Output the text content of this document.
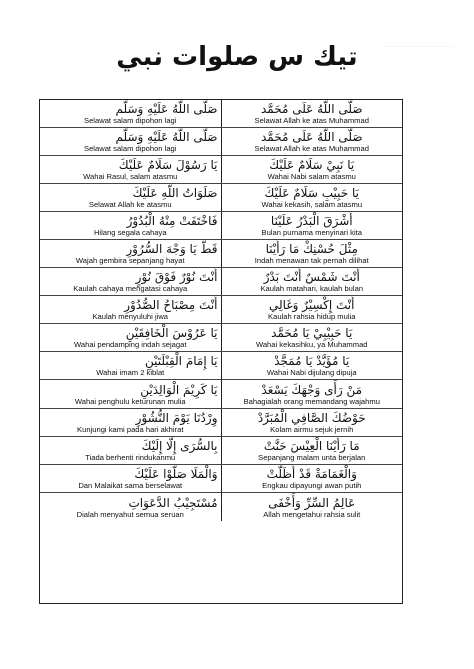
تيك س صلوات نبي
صَلَّى اللّهُ عَلَيْهِ وَسَلَّم
Selawat salam dipohon lagi
صَلَّى اللّهُ عَلَى مُحَمَّد
Selawat Allah ke atas Muhammad
صَلَّى اللّهُ عَلَيْهِ وَسَلَّم
Selawat salam dipohon lagi
صَلَّى اللّهُ عَلَى مُحَمَّد
Selawat Allah ke atas Muhammad
يَا رَسُوْلَ سَلَامٌ عَلَيْكَ
Wahai Rasul, salam atasmu
يَا نَبِيْ سَلَامٌ عَلَيْكَ
Wahai Nabi salam atasmu
صَلَوَاتُ اللّهِ عَلَيْكَ
Selawat Allah ke atasmu
يَا حَبِيْبِ سَلَامٌ عَلَيْكَ
Wahai kekasih, salam atasmu
فَاخْتَفَتْ مِنْهُ الْبُدُوْرُ
Hilang segala cahaya
أَشْرَقَ الْبَدْرُ عَلَيْنَا
Bulan purnama menyinari kita
قَطُّ يَا وَجْهَ السُّرُوْرِ
Wajah gembira sepanjang hayat
مِثْلَ حُسْنِكْ مَا رَأَيْنَا
Indah menawan tak pernah dilihat
أَنْتَ نُوْرٌ فَوْقَ نُوْرٍ
Kaulah cahaya mengatasi cahaya
أَنْتَ شَمْسٌ أَنْتَ بَدْرٌ
Kaulah matahari, kaulah bulan
أَنْتَ مِصْبَاحُ الصُّدُوْرِ
Kaulah menyuluhi jiwa
أَنْتَ إِكْسِيْرٌ وَغَالِي
Kaulah rahsia hidup mulia
يَا عَرُوْسَ الْخَافِقَيْنِ
Wahai pendamping indah sejagat
يَا حَبِيْبِيْ يَا مُحَمَّد
Wahai kekasihku, ya Muhammad
يَا إِمَامَ الْقِبْلَتَيْنِ
Wahai imam 2 kiblat
يَا مُؤَيَّدْ يَا مُمَجَّدْ
Wahai Nabi dijulang dipuja
يَا كَرِيْمَ الْوَالِدَيْنِ
Wahai penghulu keturunan mulia
مَنْ رَأَى وَجْهَكَ يَسْعَدْ
Bahagialah orang memandang wajahmu
وِرْدُنَا يَوْمَ النُّشُوْرِ
Kunjungi kami pada hari akhirat
حَوْضُكَ الصَّافِي الْمُبَرَّدْ
Kolam airmu sejuk jernih
بِالسُّرَى إِلَّا إِلَيْكَ
Tiada berhenti rindukanmu
مَا رَأَيْنَا الْعِيْسَ حَنَّتْ
Sepanjang malam unta berjalan
وَالْمَلَا صَلُّوْا عَلَيْكَ
Dan Malaikat sama berselawat
وَالْغَمَامَةْ قَدْ أَظَلَّتْ
Engkau dipayungi awan putih
مُسْتَجِيْبُ الدَّعَوَاتِ
Dialah menyahut semua seruan
عَالِمُ السِّرِّ وَأَخْفَى
Allah mengetahui rahsia sulit
